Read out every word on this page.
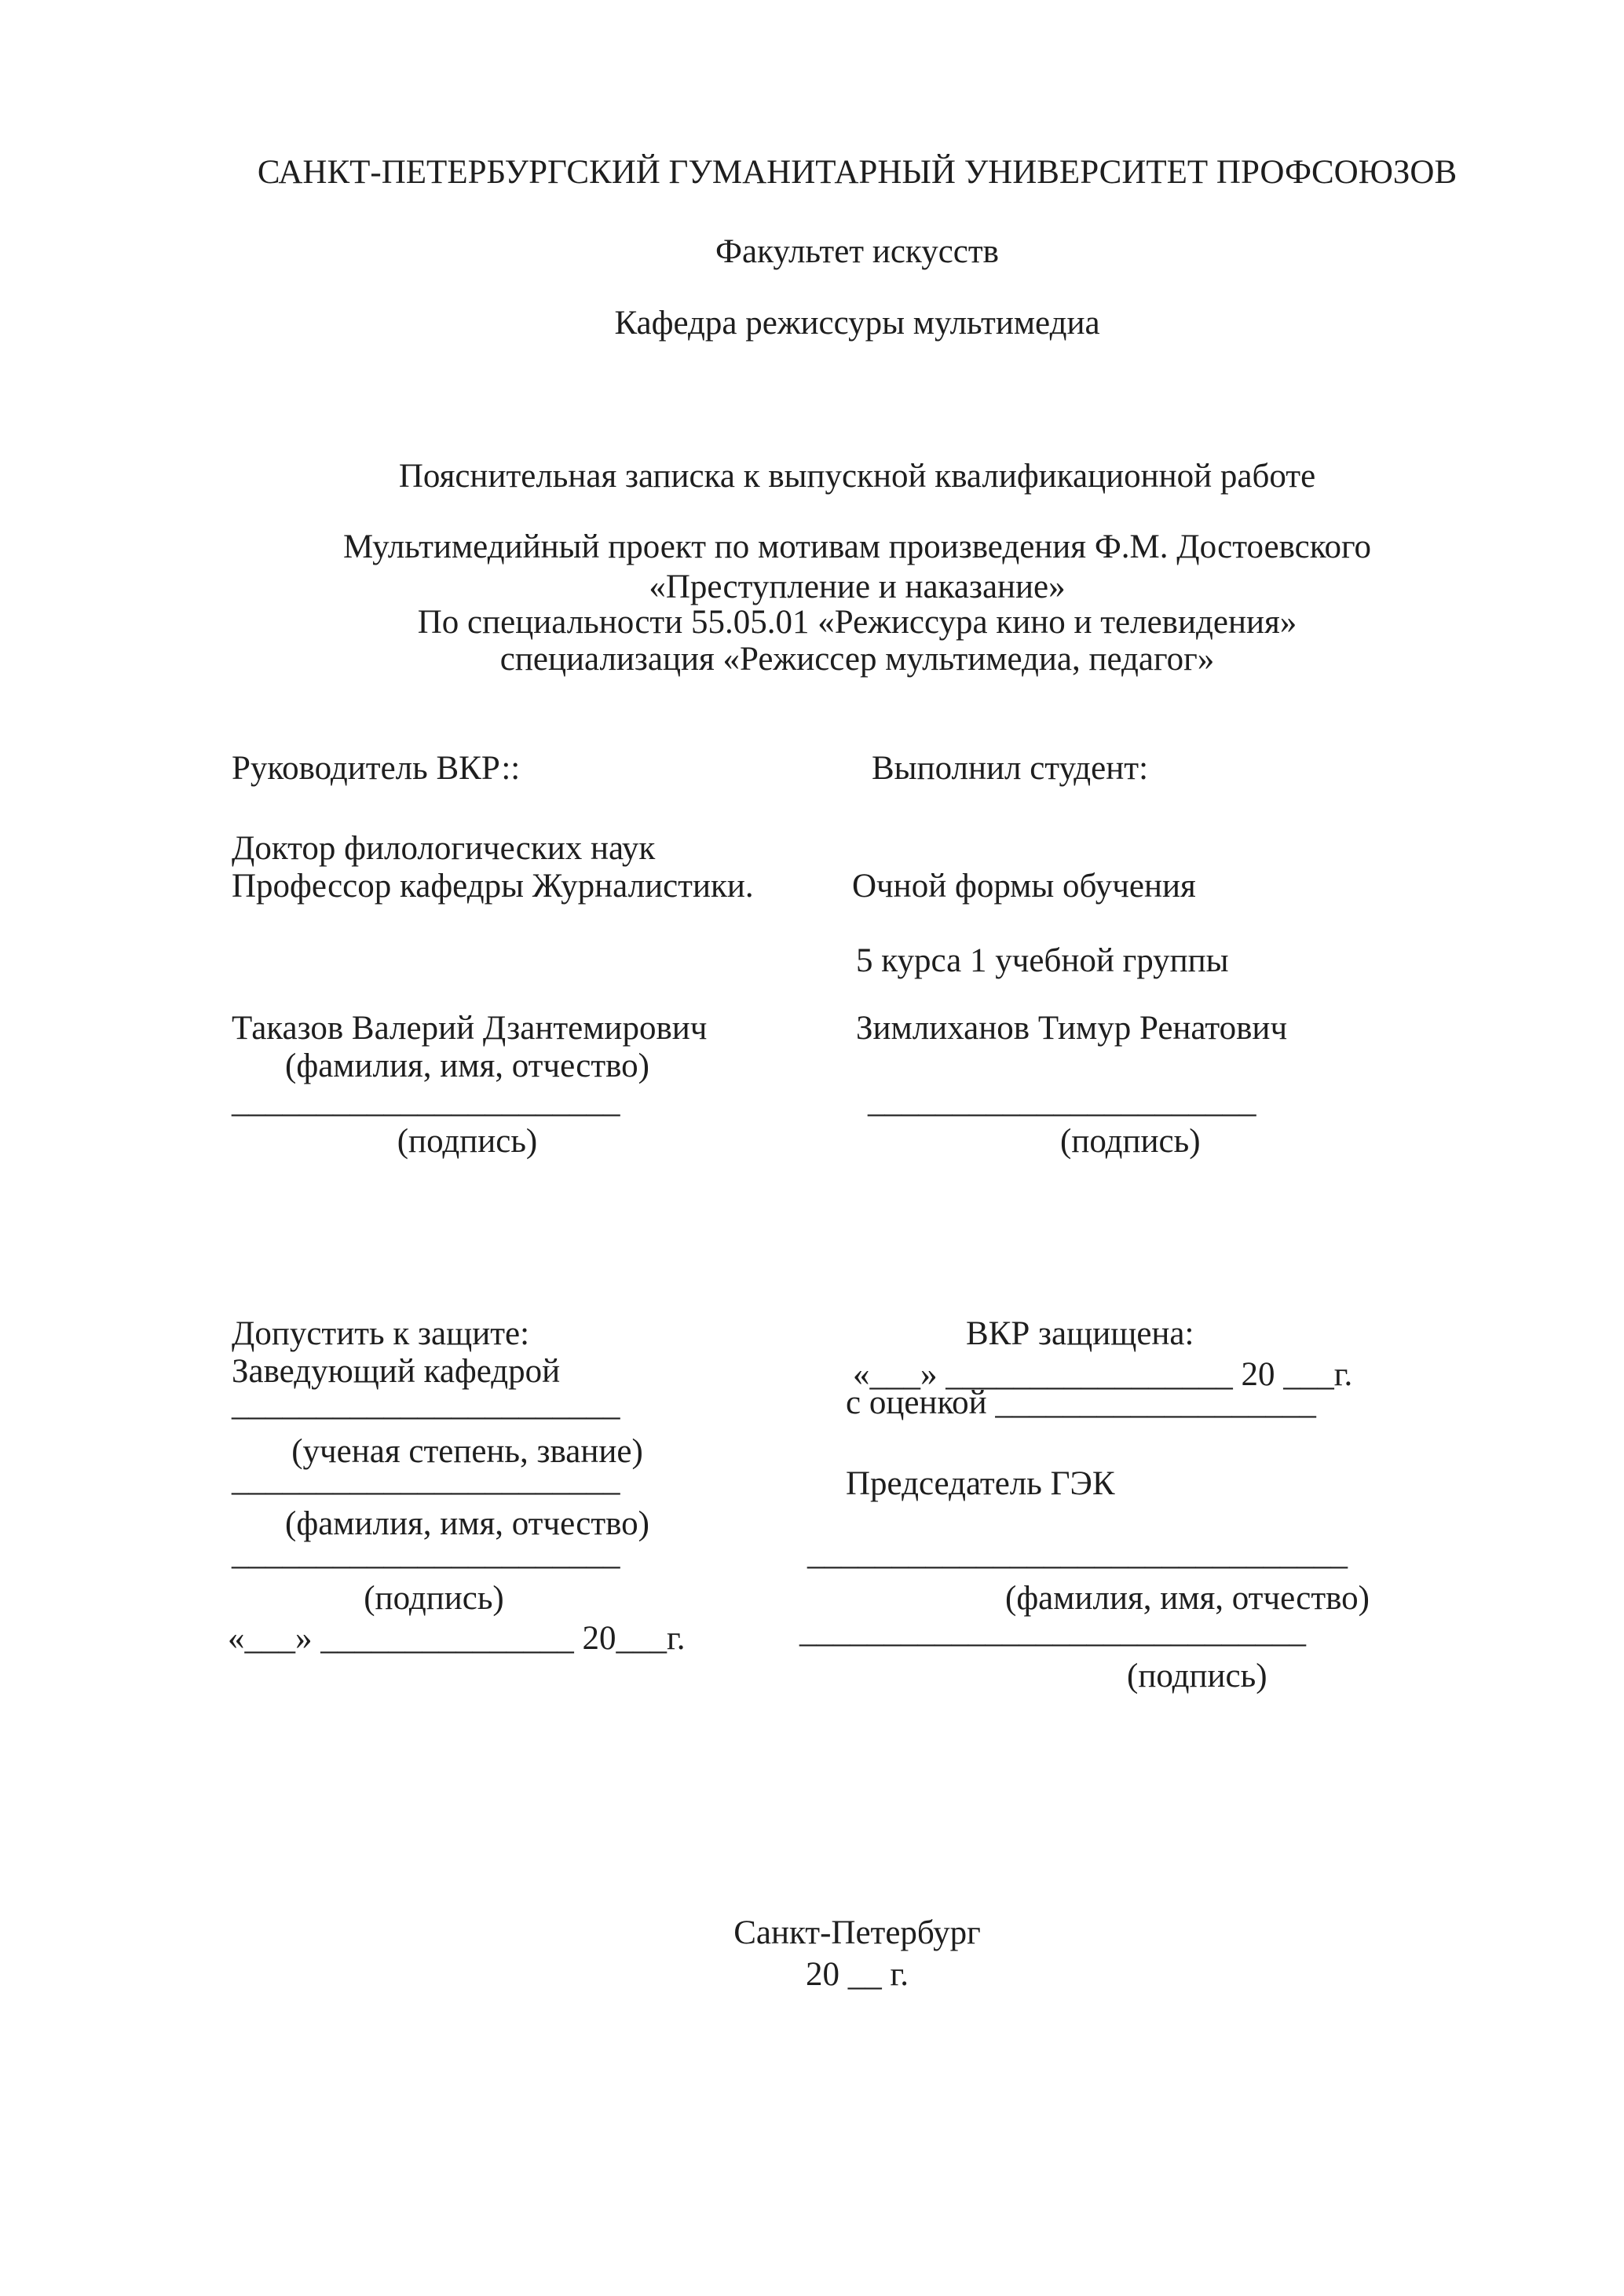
САНКТ-ПЕТЕРБУРГСКИЙ ГУМАНИТАРНЫЙ УНИВЕРСИТЕТ ПРОФСОЮЗОВ
Факультет искусств
Кафедра режиссуры мультимедиа
Пояснительная записка к выпускной квалификационной работе
Мультимедийный проект по мотивам произведения Ф.М. Достоевского
«Преступление и наказание»
По специальности 55.05.01 «Режиссура кино и телевидения»
специализация «Режиссер мультимедиа, педагог»
Руководитель ВКР::	Выполнил студент:
Доктор филологических наук
Профессор кафедры Журналистики.	Очной формы обучения
5 курса 1 учебной группы
Таказов Валерий Дзантемирович	Зимлиханов Тимур Ренатович
(фамилия, имя, отчество)
_______________________	_______________________
(подпись)	(подпись)
Допустить к защите:	ВКР защищена:
Заведующий кафедрой	«___» _________________ 20 ___г.
_______________________	с оценкой ___________________
(ученая степень, звание)
_______________________	Председатель ГЭК
(фамилия, имя, отчество)
_______________________	________________________________
(подпись)	(фамилия, имя, отчество)
«___» _______________ 20___г.	______________________________
(подпись)
Санкт-Петербург
20 __ г.
